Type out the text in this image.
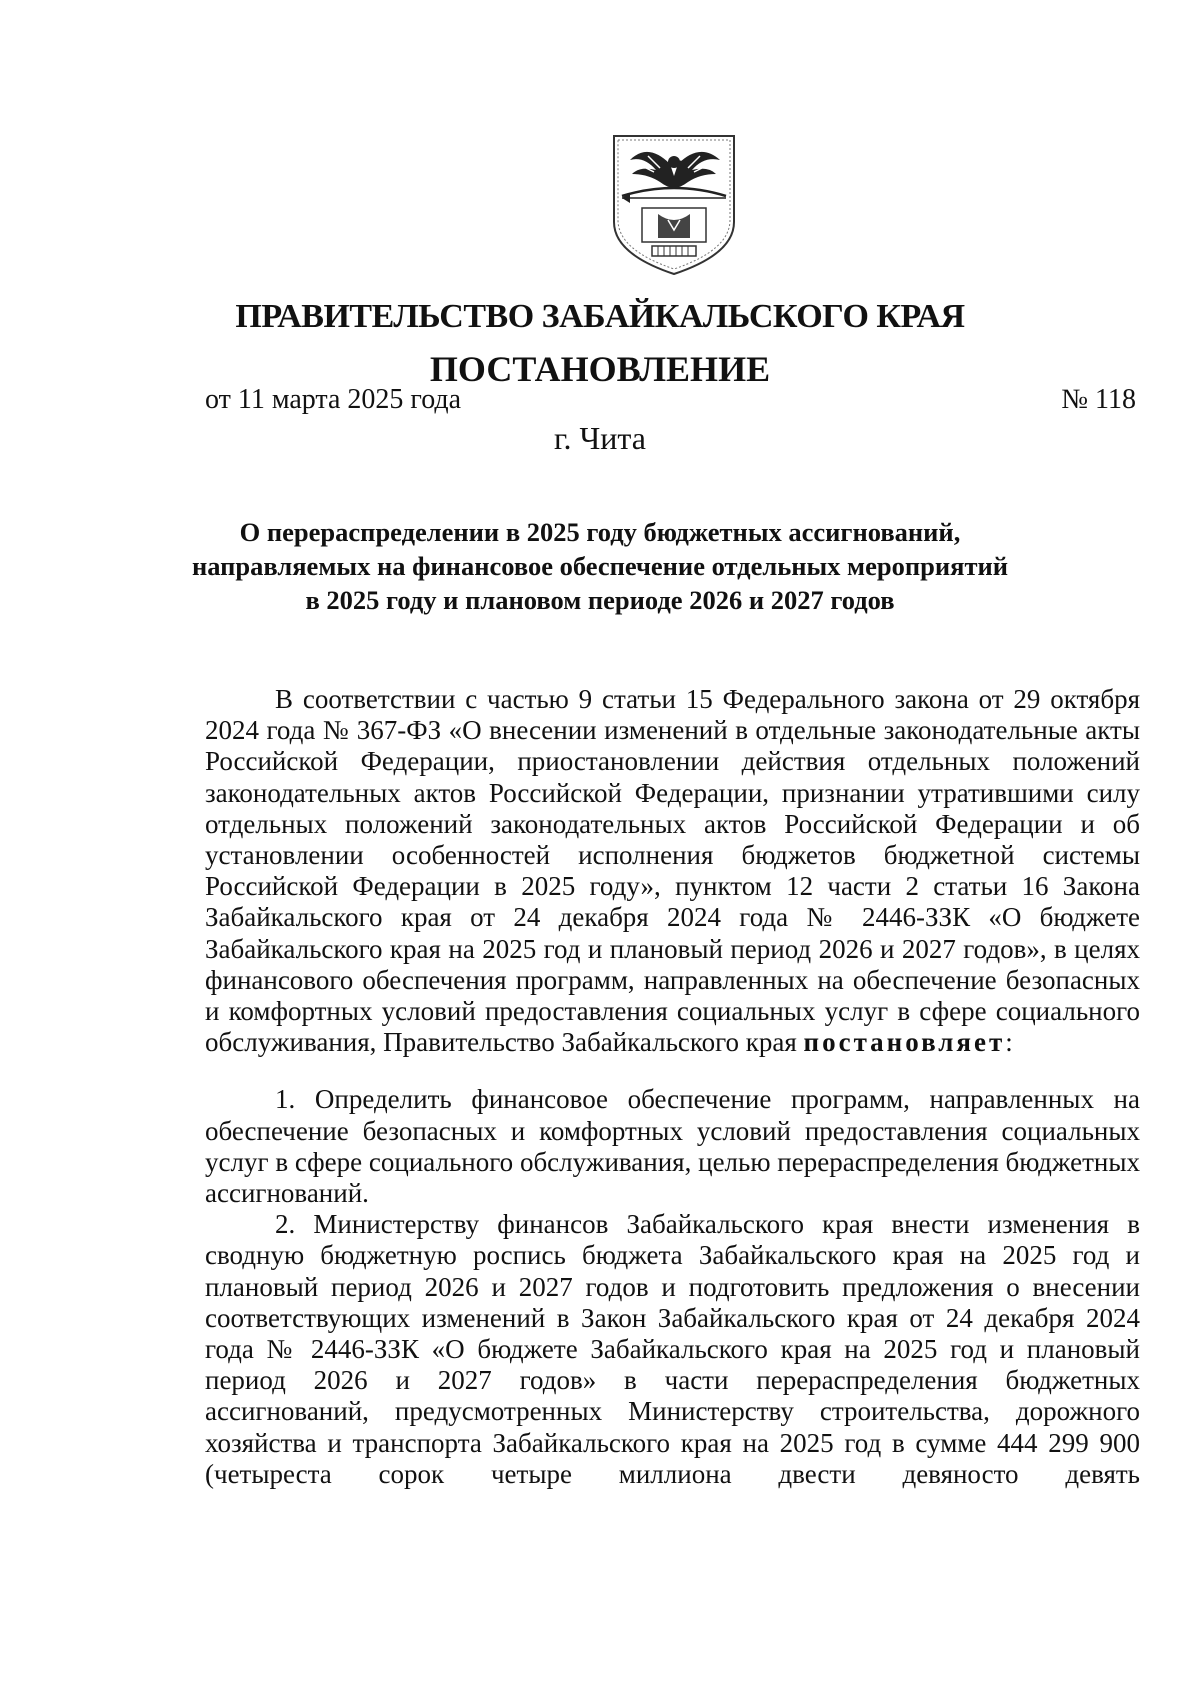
ПРАВИТЕЛЬСТВО ЗАБАЙКАЛЬСКОГО КРАЯ
ПОСТАНОВЛЕНИЕ
от 11 марта 2025 года	№ 118
г. Чита
О перераспределении в 2025 году бюджетных ассигнований,
направляемых на финансовое обеспечение отдельных мероприятий
в 2025 году и плановом периоде 2026 и 2027 годов

В соответствии с частью 9 статьи 15 Федерального закона от 29 октября 2024 года № 367-ФЗ «О внесении изменений в отдельные законодательные акты Российской Федерации, приостановлении действия отдельных положений законодательных актов Российской Федерации, признании утратившими силу отдельных положений законодательных актов Российской Федерации и об установлении особенностей исполнения бюджетов бюджетной системы Российской Федерации в 2025 году», пунктом 12 части 2 статьи 16 Закона Забайкальского края от 24 декабря 2024 года № 2446-ЗЗК «О бюджете Забайкальского края на 2025 год и плановый период 2026 и 2027 годов», в целях финансового обеспечения программ, направленных на обеспечение безопасных и комфортных условий предоставления социальных услуг в сфере социального обслуживания, Правительство Забайкальского края постановляет:

1. Определить финансовое обеспечение программ, направленных на обеспечение безопасных и комфортных условий предоставления социальных услуг в сфере социального обслуживания, целью перераспределения бюджетных ассигнований.

2. Министерству финансов Забайкальского края внести изменения в сводную бюджетную роспись бюджета Забайкальского края на 2025 год и плановый период 2026 и 2027 годов и подготовить предложения о внесении соответствующих изменений в Закон Забайкальского края от 24 декабря 2024 года № 2446-ЗЗК «О бюджете Забайкальского края на 2025 год и плановый период 2026 и 2027 годов» в части перераспределения бюджетных ассигнований, предусмотренных Министерству строительства, дорожного хозяйства и транспорта Забайкальского края на 2025 год в сумме 444 299 900 (четыреста сорок четыре миллиона двести девяносто девять
